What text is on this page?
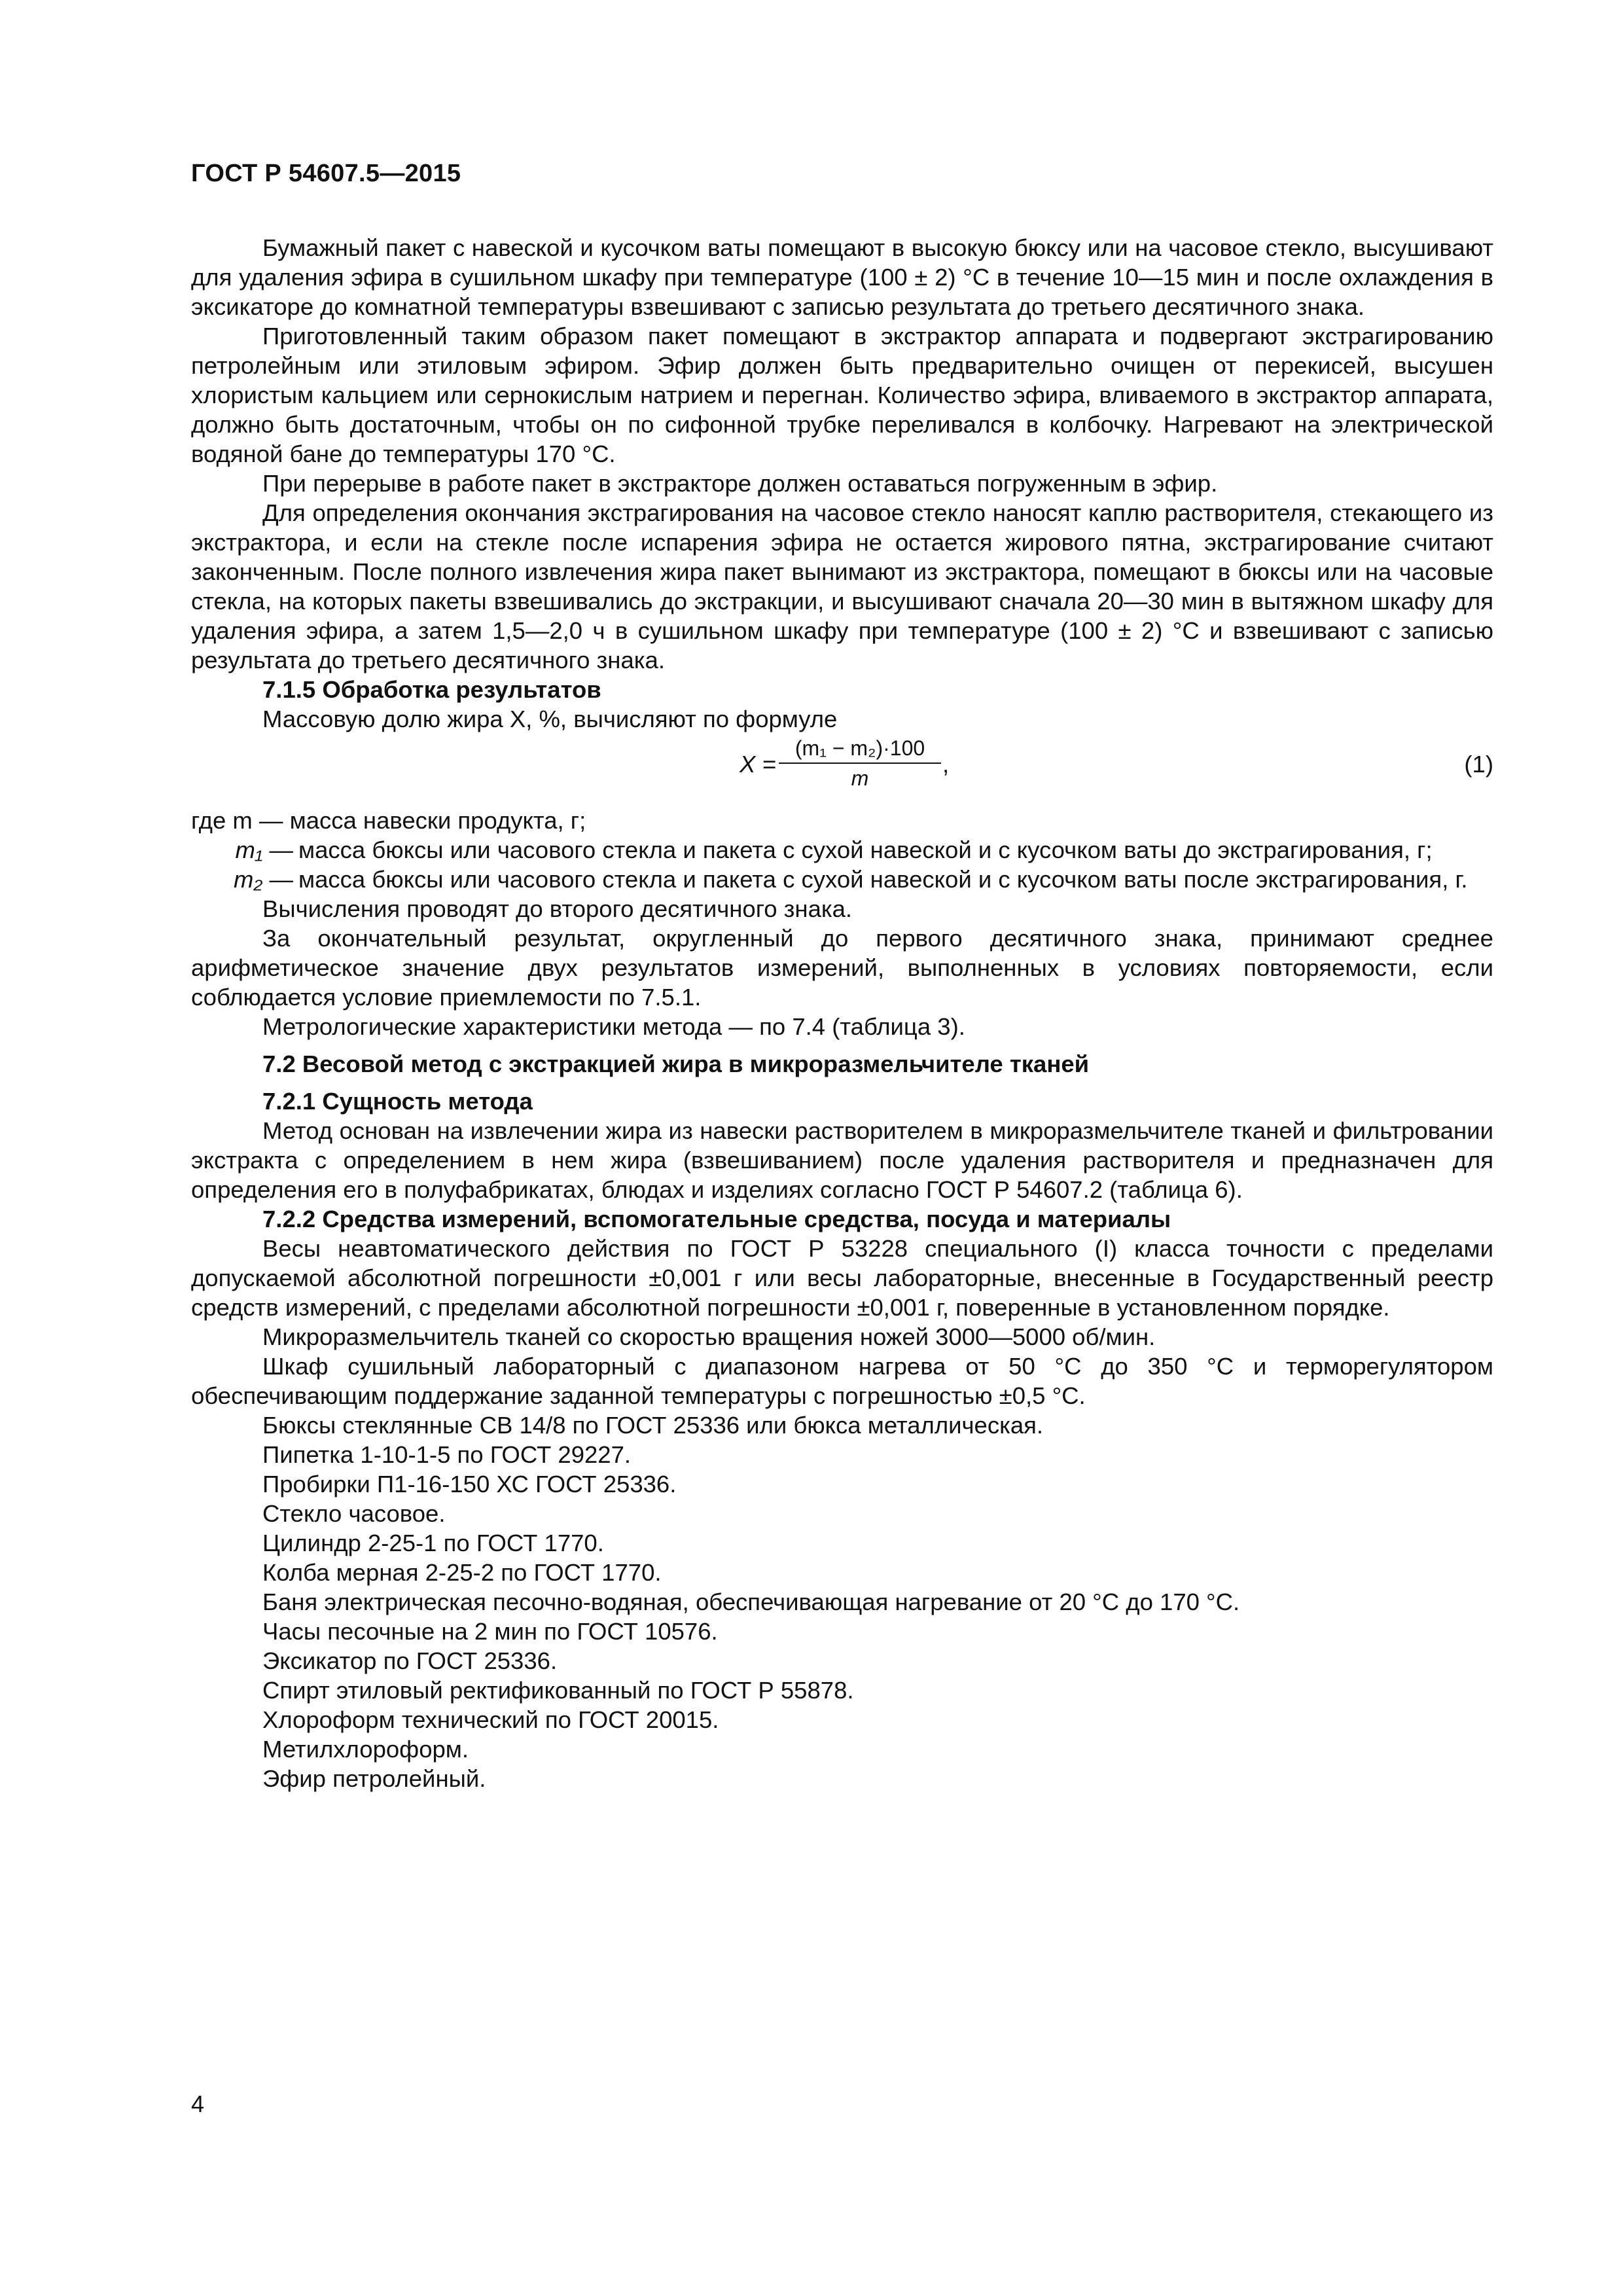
ГОСТ Р 54607.5—2015

Бумажный пакет с навеской и кусочком ваты помещают в высокую бюксу или на часовое стекло, высушивают для удаления эфира в сушильном шкафу при температуре (100 ± 2) °С в течение 10—15 мин и после охлаждения в эксикаторе до комнатной температуры взвешивают с записью результата до третьего десятичного знака.

Приготовленный таким образом пакет помещают в экстрактор аппарата и подвергают экстрагированию петролейным или этиловым эфиром. Эфир должен быть предварительно очищен от перекисей, высушен хлористым кальцием или сернокислым натрием и перегнан. Количество эфира, вливаемого в экстрактор аппарата, должно быть достаточным, чтобы он по сифонной трубке переливался в колбочку. Нагревают на электрической водяной бане до температуры 170 °С.

При перерыве в работе пакет в экстракторе должен оставаться погруженным в эфир.

Для определения окончания экстрагирования на часовое стекло наносят каплю растворителя, стекающего из экстрактора, и если на стекле после испарения эфира не остается жирового пятна, экстрагирование считают законченным. После полного извлечения жира пакет вынимают из экстрактора, помещают в бюксы или на часовые стекла, на которых пакеты взвешивались до экстракции, и высушивают сначала 20—30 мин в вытяжном шкафу для удаления эфира, а затем 1,5—2,0 ч в сушильном шкафу при температуре (100 ± 2) °С и взвешивают с записью результата до третьего десятичного знака.

7.1.5 Обработка результатов

Массовую долю жира Х, %, вычисляют по формуле

$X = \frac{\text{(m₁ − m₂)·100}}{m}$ ,	(1)

где m — масса навески продукта, г;

m₁ — масса бюксы или часового стекла и пакета с сухой навеской и с кусочком ваты до экстрагирования, г;
m₂ — масса бюксы или часового стекла и пакета с сухой навеской и с кусочком ваты после экстрагирования, г.

Вычисления проводят до второго десятичного знака.

За окончательный результат, округленный до первого десятичного знака, принимают среднее арифметическое значение двух результатов измерений, выполненных в условиях повторяемости, если соблюдается условие приемлемости по 7.5.1.

Метрологические характеристики метода — по 7.4 (таблица 3).

7.2 Весовой метод с экстракцией жира в микроразмельчителе тканей

7.2.1 Сущность метода

Метод основан на извлечении жира из навески растворителем в микроразмельчителе тканей и фильтровании экстракта с определением в нем жира (взвешиванием) после удаления растворителя и предназначен для определения его в полуфабрикатах, блюдах и изделиях согласно ГОСТ Р 54607.2 (таблица 6).

7.2.2 Средства измерений, вспомогательные средства, посуда и материалы

Весы неавтоматического действия по ГОСТ Р 53228 специального (I) класса точности с пределами допускаемой абсолютной погрешности ±0,001 г или весы лабораторные, внесенные в Государственный реестр средств измерений, с пределами абсолютной погрешности ±0,001 г, поверенные в установленном порядке.

Микроразмельчитель тканей со скоростью вращения ножей 3000—5000 об/мин.

Шкаф сушильный лабораторный с диапазоном нагрева от 50 °С до 350 °С и терморегулятором обеспечивающим поддержание заданной температуры с погрешностью ±0,5 °С.

Бюксы стеклянные СВ 14/8 по ГОСТ 25336 или бюкса металлическая.

Пипетка 1-10-1-5 по ГОСТ 29227.

Пробирки П1-16-150 ХС ГОСТ 25336.

Стекло часовое.

Цилиндр 2-25-1 по ГОСТ 1770.

Колба мерная 2-25-2 по ГОСТ 1770.

Баня электрическая песочно-водяная, обеспечивающая нагревание от 20 °С до 170 °С.

Часы песочные на 2 мин по ГОСТ 10576.

Эксикатор по ГОСТ 25336.

Спирт этиловый ректификованный по ГОСТ Р 55878.

Хлороформ технический по ГОСТ 20015.

Метилхлороформ.

Эфир петролейный.

4
